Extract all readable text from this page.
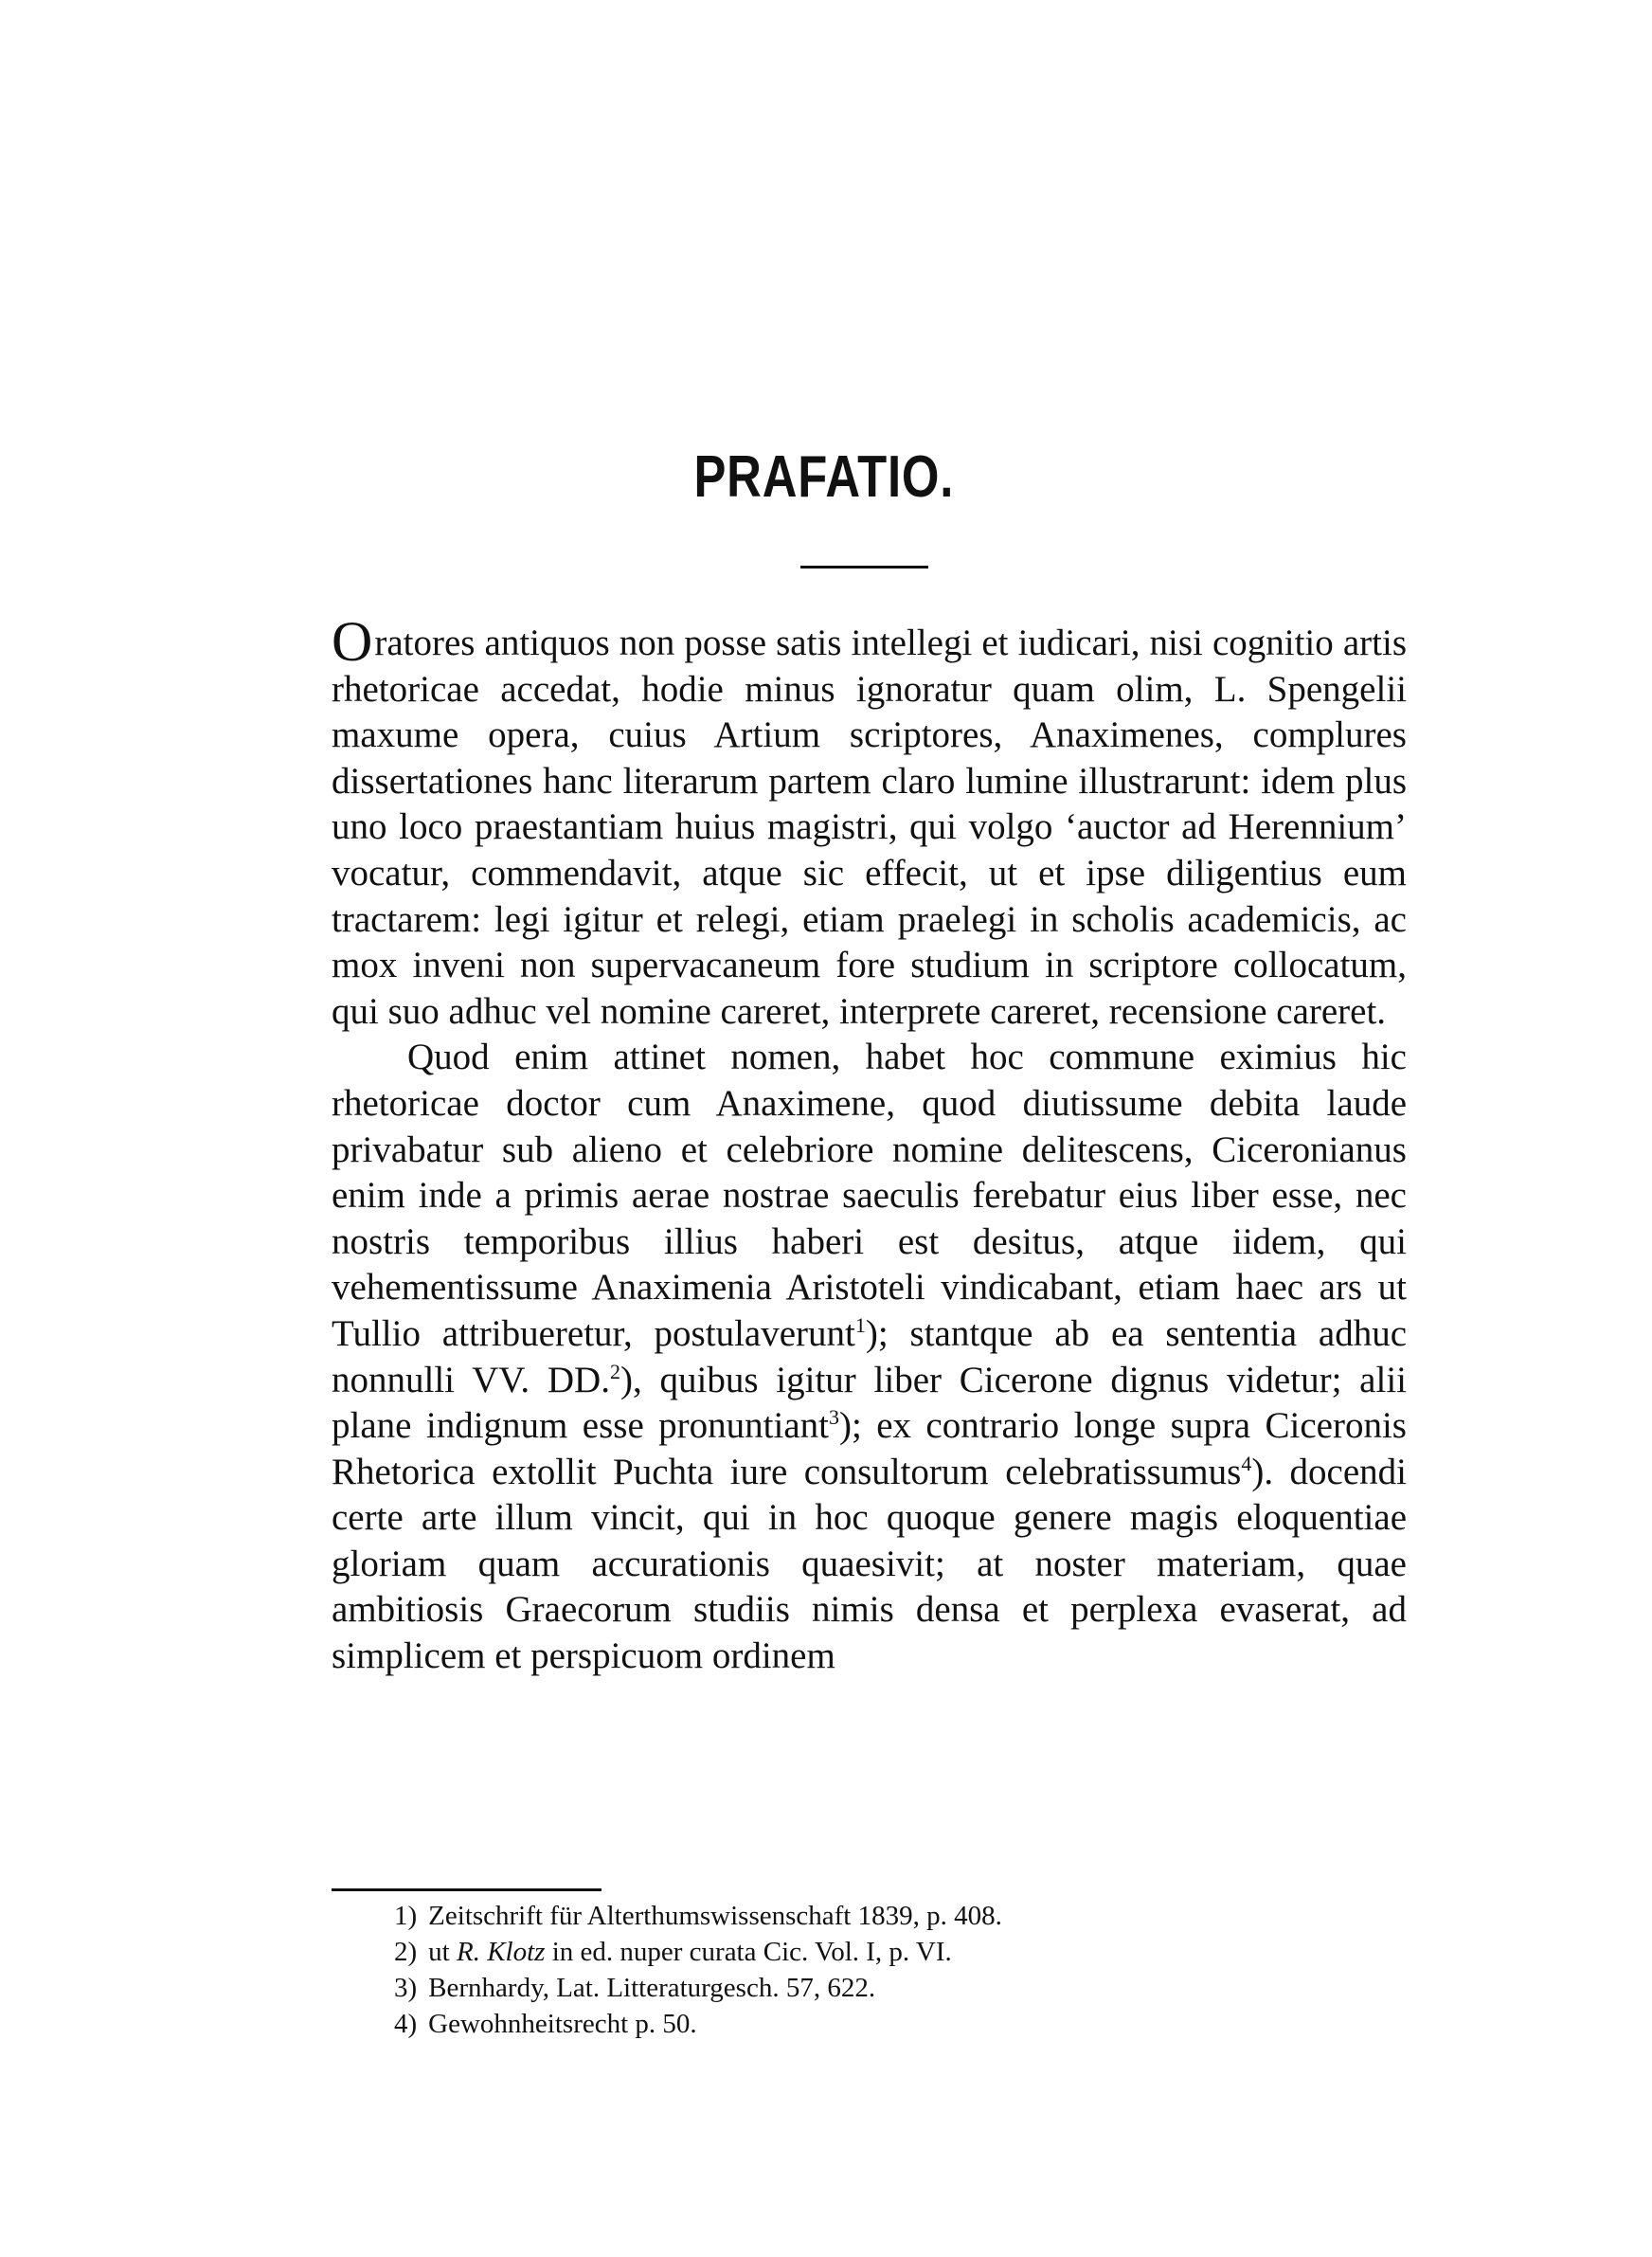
PRAFATIO.

Oratores antiquos non posse satis intellegi et iudicari, nisi cognitio artis rhetoricae accedat, hodie minus ignoratur quam olim, L. Spengelii maxume opera, cuius Artium scriptores, Anaximenes, complures dissertationes hanc literarum partem claro lumine illustrarunt: idem plus uno loco praestantiam huius magistri, qui volgo ‘auctor ad Herennium’ vocatur, commendavit, atque sic effecit, ut et ipse diligentius eum tractarem: legi igitur et relegi, etiam praelegi in scholis academicis, ac mox inveni non supervacaneum fore studium in scriptore collocatum, qui suo adhuc vel nomine careret, interprete careret, recensione careret.

Quod enim attinet nomen, habet hoc commune eximius hic rhetoricae doctor cum Anaximene, quod diutissume debita laude privabatur sub alieno et celebriore nomine delitescens, Ciceronianus enim inde a primis aerae nostrae saeculis ferebatur eius liber esse, nec nostris temporibus illius haberi est desitus, atque iidem, qui vehementissume Anaximenia Aristoteli vindicabant, etiam haec ars ut Tullio attribueretur, postulaverunt$^1$); stantque ab ea sententia adhuc nonnulli VV. DD.$^2$), quibus igitur liber Cicerone dignus videtur; alii plane indignum esse pronuntiant$^3$); ex contrario longe supra Ciceronis Rhetorica extollit Puchta iure consultorum celebratissumus$^4$). docendi certe arte illum vincit, qui in hoc quoque genere magis eloquentiae gloriam quam accurationis quaesivit; at noster materiam, quae ambitiosis Graecorum studiis nimis densa et perplexa evaserat, ad simplicem et perspicuom ordinem

1) Zeitschrift für Alterthumswissenschaft 1839, p. 408.
2) ut R. Klotz in ed. nuper curata Cic. Vol. I, p. VI.
3) Bernhardy, Lat. Litteraturgesch. 57, 622.
4) Gewohnheitsrecht p. 50.
